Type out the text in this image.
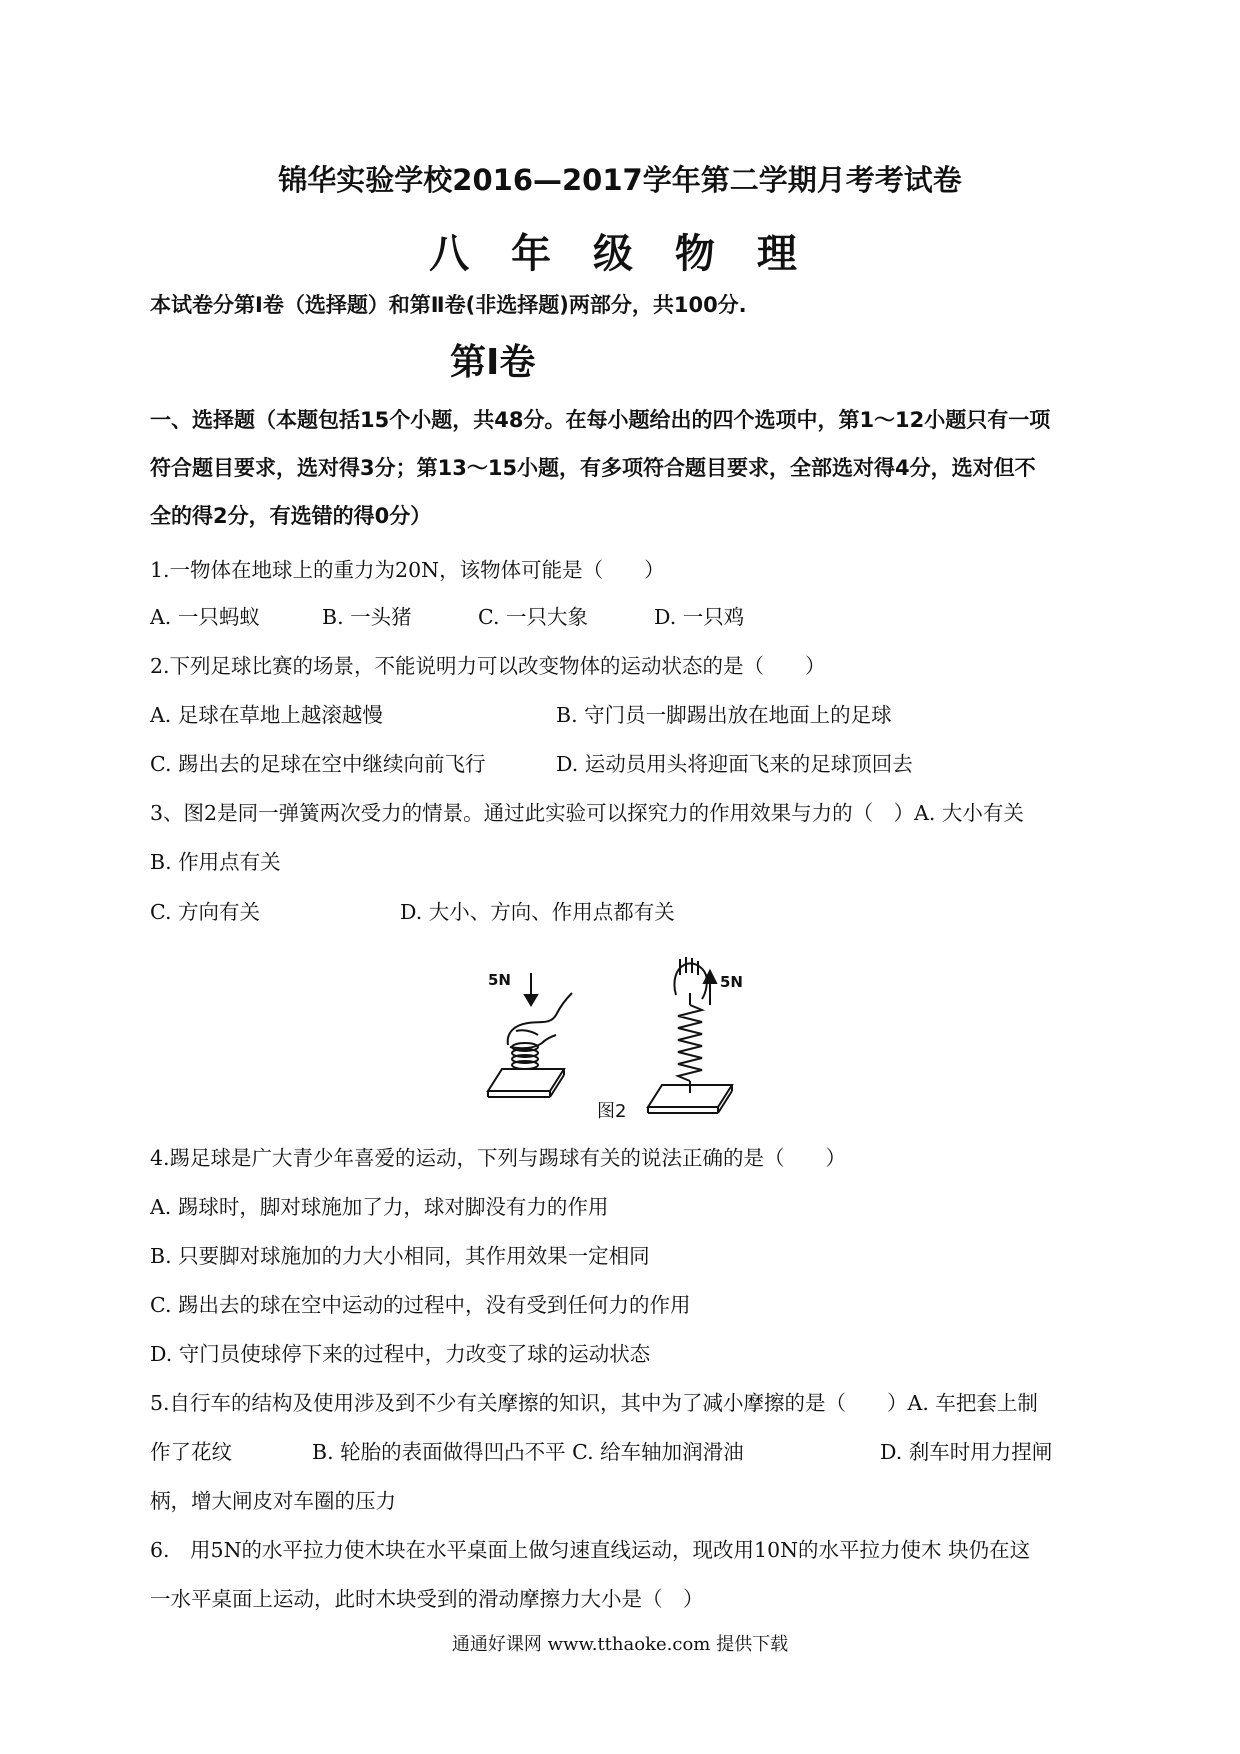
锦华实验学校2016—2017学年第二学期月考考试卷
八 年 级 物 理
本试卷分第Ⅰ卷（选择题）和第Ⅱ卷(非选择题)两部分，共100分.
第Ⅰ卷
一、选择题（本题包括15个小题，共48分。在每小题给出的四个选项中，第1～12小题只有一项
符合题目要求，选对得3分；第13～15小题，有多项符合题目要求，全部选对得4分，选对但不
全的得2分，有选错的得0分）
1.一物体在地球上的重力为20N，该物体可能是（　　）
A. 一只蚂蚁	B. 一头猪	C. 一只大象	D. 一只鸡
2.下列足球比赛的场景，不能说明力可以改变物体的运动状态的是（　　）
A. 足球在草地上越滚越慢	B. 守门员一脚踢出放在地面上的足球
C. 踢出去的足球在空中继续向前飞行	D. 运动员用头将迎面飞来的足球顶回去
3、图2是同一弹簧两次受力的情景。通过此实验可以探究力的作用效果与力的（　）A. 大小有关
B. 作用点有关
C. 方向有关	D. 大小、方向、作用点都有关
5N	5N
图2
4.踢足球是广大青少年喜爱的运动，下列与踢球有关的说法正确的是（　　）
A. 踢球时，脚对球施加了力，球对脚没有力的作用
B. 只要脚对球施加的力大小相同，其作用效果一定相同
C. 踢出去的球在空中运动的过程中，没有受到任何力的作用
D. 守门员使球停下来的过程中，力改变了球的运动状态
5.自行车的结构及使用涉及到不少有关摩擦的知识，其中为了减小摩擦的是（　　）A. 车把套上制
作了花纹	B. 轮胎的表面做得凹凸不平 C. 给车轴加润滑油	D. 刹车时用力捏闸
柄，增大闸皮对车圈的压力
6.　用5N的水平拉力使木块在水平桌面上做匀速直线运动，现改用10N的水平拉力使木 块仍在这
一水平桌面上运动，此时木块受到的滑动摩擦力大小是（　）
通通好课网 www.tthaoke.com 提供下载
